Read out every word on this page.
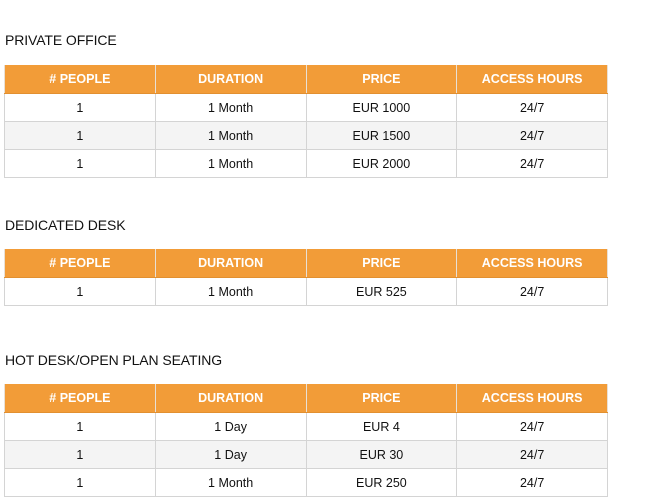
PRIVATE OFFICE
# PEOPLE	DURATION	PRICE	ACCESS HOURS
1	1 Month	EUR 1000	24/7
1	1 Month	EUR 1500	24/7
1	1 Month	EUR 2000	24/7
DEDICATED DESK
# PEOPLE	DURATION	PRICE	ACCESS HOURS
1	1 Month	EUR 525	24/7
HOT DESK/OPEN PLAN SEATING
# PEOPLE	DURATION	PRICE	ACCESS HOURS
1	1 Day	EUR 4	24/7
1	1 Day	EUR 30	24/7
1	1 Month	EUR 250	24/7
